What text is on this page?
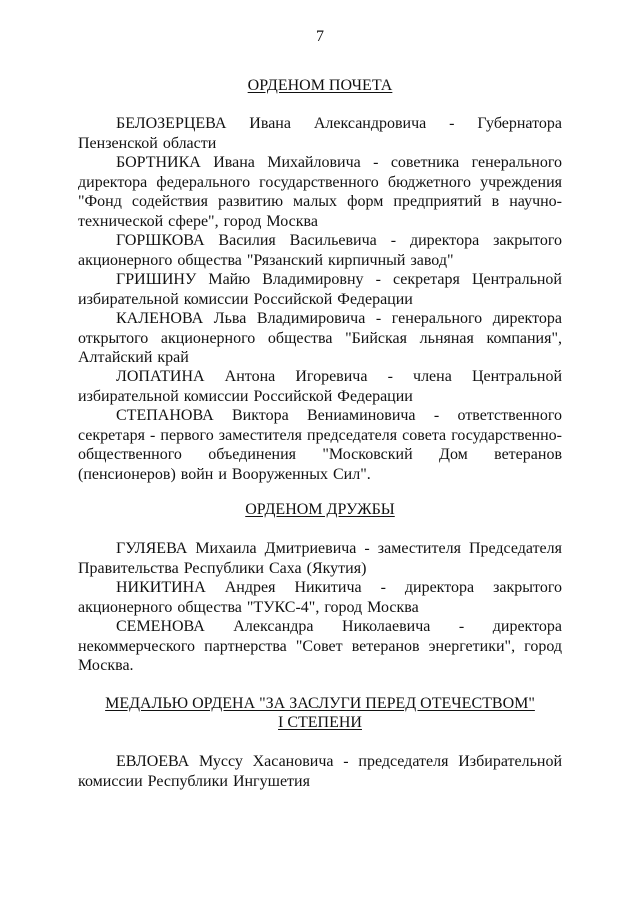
7
ОРДЕНОМ ПОЧЕТА
БЕЛОЗЕРЦЕВА Ивана Александровича - Губернатора Пензенской области
БОРТНИКА Ивана Михайловича - советника генерального директора федерального государственного бюджетного учреждения "Фонд содействия развитию малых форм предприятий в научно-технической сфере", город Москва
ГОРШКОВА Василия Васильевича - директора закрытого акционерного общества "Рязанский кирпичный завод"
ГРИШИНУ Майю Владимировну - секретаря Центральной избирательной комиссии Российской Федерации
КАЛЕНОВА Льва Владимировича - генерального директора открытого акционерного общества "Бийская льняная компания", Алтайский край
ЛОПАТИНА Антона Игоревича - члена Центральной избирательной комиссии Российской Федерации
СТЕПАНОВА Виктора Вениаминовича - ответственного секретаря - первого заместителя председателя совета государственно-общественного объединения "Московский Дом ветеранов (пенсионеров) войн и Вооруженных Сил".
ОРДЕНОМ ДРУЖБЫ
ГУЛЯЕВА Михаила Дмитриевича - заместителя Председателя Правительства Республики Саха (Якутия)
НИКИТИНА Андрея Никитича - директора закрытого акционерного общества "ТУКС-4", город Москва
СЕМЕНОВА Александра Николаевича - директора некоммерческого партнерства "Совет ветеранов энергетики", город Москва.
МЕДАЛЬЮ ОРДЕНА "ЗА ЗАСЛУГИ ПЕРЕД ОТЕЧЕСТВОМ"
I СТЕПЕНИ
ЕВЛОЕВА Муссу Хасановича - председателя Избирательной комиссии Республики Ингушетия
